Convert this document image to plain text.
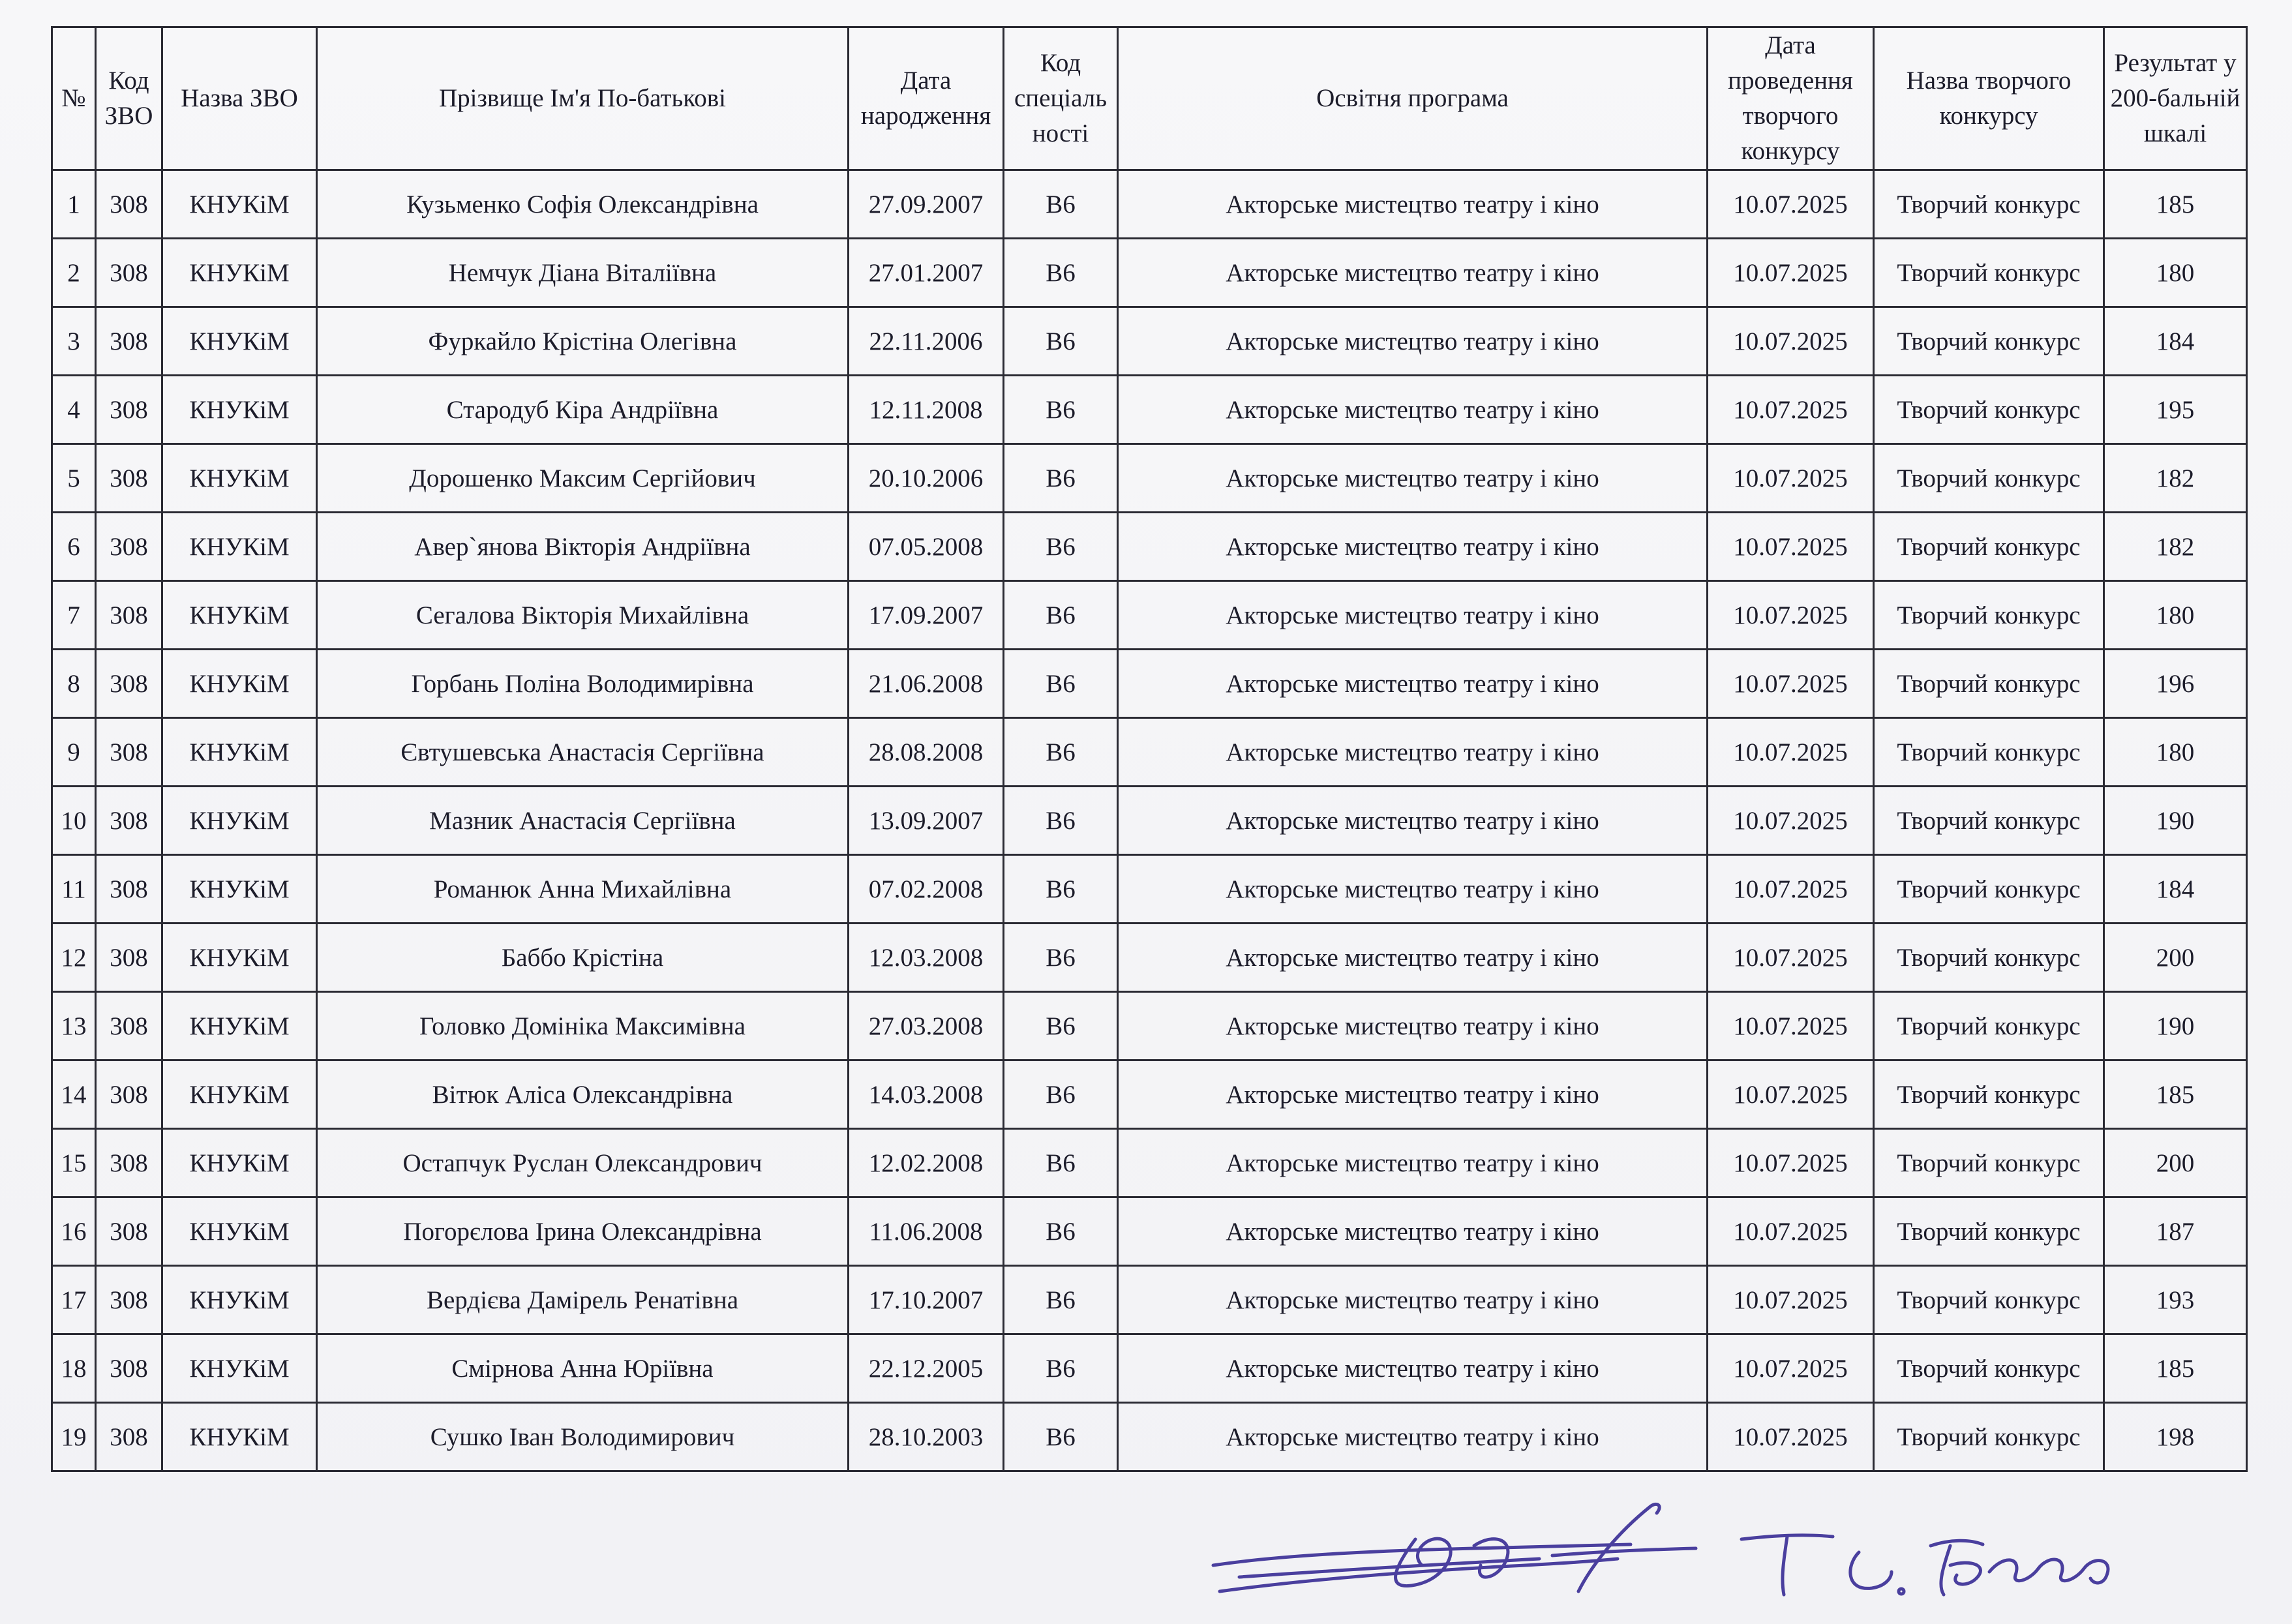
№	Код ЗВО	Назва ЗВО	Прізвище Ім'я По-батькові	Дата народження	Код спеціаль ності	Освітня програма	Дата проведення творчого конкурсу	Назва творчого конкурсу	Результат у 200-бальній шкалі
1	308	КНУКіМ	Кузьменко Софія Олександрівна	27.09.2007	B6	Акторське мистецтво театру і кіно	10.07.2025	Творчий конкурс	185
2	308	КНУКіМ	Немчук Діана Віталіївна	27.01.2007	B6	Акторське мистецтво театру і кіно	10.07.2025	Творчий конкурс	180
3	308	КНУКіМ	Фуркайло Крістіна Олегівна	22.11.2006	B6	Акторське мистецтво театру і кіно	10.07.2025	Творчий конкурс	184
4	308	КНУКіМ	Стародуб Кіра Андріївна	12.11.2008	B6	Акторське мистецтво театру і кіно	10.07.2025	Творчий конкурс	195
5	308	КНУКіМ	Дорошенко Максим Сергійович	20.10.2006	B6	Акторське мистецтво театру і кіно	10.07.2025	Творчий конкурс	182
6	308	КНУКіМ	Авер`янова Вікторія Андріївна	07.05.2008	B6	Акторське мистецтво театру і кіно	10.07.2025	Творчий конкурс	182
7	308	КНУКіМ	Сегалова Вікторія Михайлівна	17.09.2007	B6	Акторське мистецтво театру і кіно	10.07.2025	Творчий конкурс	180
8	308	КНУКіМ	Горбань Поліна Володимирівна	21.06.2008	B6	Акторське мистецтво театру і кіно	10.07.2025	Творчий конкурс	196
9	308	КНУКіМ	Євтушевська Анастасія Сергіївна	28.08.2008	B6	Акторське мистецтво театру і кіно	10.07.2025	Творчий конкурс	180
10	308	КНУКіМ	Мазник Анастасія Сергіївна	13.09.2007	B6	Акторське мистецтво театру і кіно	10.07.2025	Творчий конкурс	190
11	308	КНУКіМ	Романюк Анна Михайлівна	07.02.2008	B6	Акторське мистецтво театру і кіно	10.07.2025	Творчий конкурс	184
12	308	КНУКіМ	Баббо Крістіна	12.03.2008	B6	Акторське мистецтво театру і кіно	10.07.2025	Творчий конкурс	200
13	308	КНУКіМ	Головко Домініка Максимівна	27.03.2008	B6	Акторське мистецтво театру і кіно	10.07.2025	Творчий конкурс	190
14	308	КНУКіМ	Вітюк Аліса Олександрівна	14.03.2008	B6	Акторське мистецтво театру і кіно	10.07.2025	Творчий конкурс	185
15	308	КНУКіМ	Остапчук Руслан Олександрович	12.02.2008	B6	Акторське мистецтво театру і кіно	10.07.2025	Творчий конкурс	200
16	308	КНУКіМ	Погорєлова Ірина Олександрівна	11.06.2008	B6	Акторське мистецтво театру і кіно	10.07.2025	Творчий конкурс	187
17	308	КНУКіМ	Вердієва Дамірель Ренатівна	17.10.2007	B6	Акторське мистецтво театру і кіно	10.07.2025	Творчий конкурс	193
18	308	КНУКіМ	Смірнова Анна Юріївна	22.12.2005	B6	Акторське мистецтво театру і кіно	10.07.2025	Творчий конкурс	185
19	308	КНУКіМ	Сушко Іван Володимирович	28.10.2003	B6	Акторське мистецтво театру і кіно	10.07.2025	Творчий конкурс	198
